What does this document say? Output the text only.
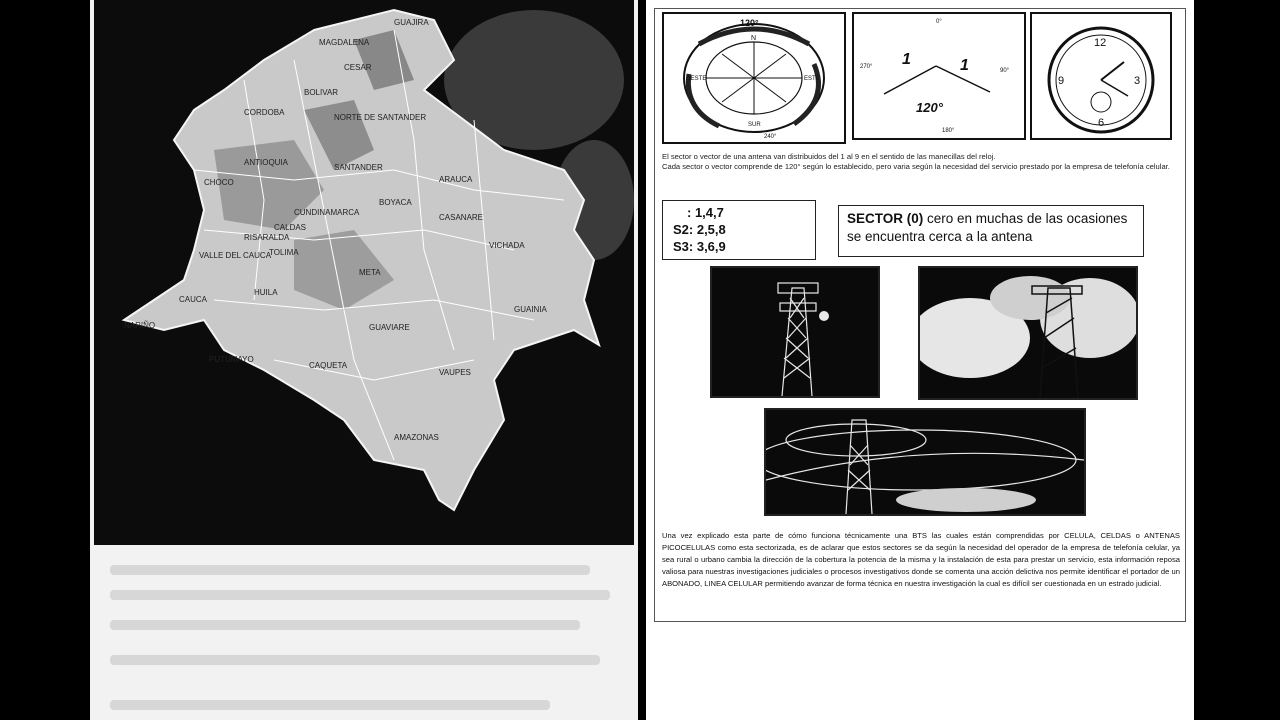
GUAJIRA
MAGDALENA
CESAR
CORDOBA
NORTE DE SANTANDER
BOLIVAR
ANTIOQUIA
SANTANDER
ARAUCA
CHOCO
BOYACA
CASANARE
CUNDINAMARCA
CALDAS
RISARALDA
TOLIMA
VALLE DEL CAUCA
META
VICHADA
HUILA
CAUCA
NARIÑO	GUAVIARE
GUAINIA
PUTUMAYO
CAQUETA
VAUPES
AMAZONAS
120°
N
ESTE
OESTE
SUR
240°
0°
1	1
270°
90°
120°
180°
12
3
6
9

El sector o vector de una antena van distribuidos del 1 al 9 en el sentido de las manecillas del reloj.

Cada sector o vector comprende de 120° según lo establecido, pero varia según la necesidad del servicio prestado por la empresa de telefonía celular.

: 1,4,7
S2: 2,5,8
S3: 3,6,9
SECTOR (0) cero en muchas de las ocasiones se encuentra cerca a la antena

Una vez explicado esta parte de cómo funciona técnicamente una BTS las cuales están comprendidas por CELULA, CELDAS o ANTENAS PICOCELULAS como esta sectorizada, es de aclarar que estos sectores se da según la necesidad del operador de la empresa de telefonía celular, ya sea rural o urbano cambia la dirección de la cobertura la potencia de la misma y la instalación de esta para prestar un servicio, esta información reposa valiosa para nuestras investigaciones judiciales o procesos investigativos donde se comenta una acción delictiva nos permite identificar el portador de un ABONADO, LINEA CELULAR permitiendo avanzar de forma técnica en nuestra investigación la cual es difícil ser cuestionada en un estrado judicial.
